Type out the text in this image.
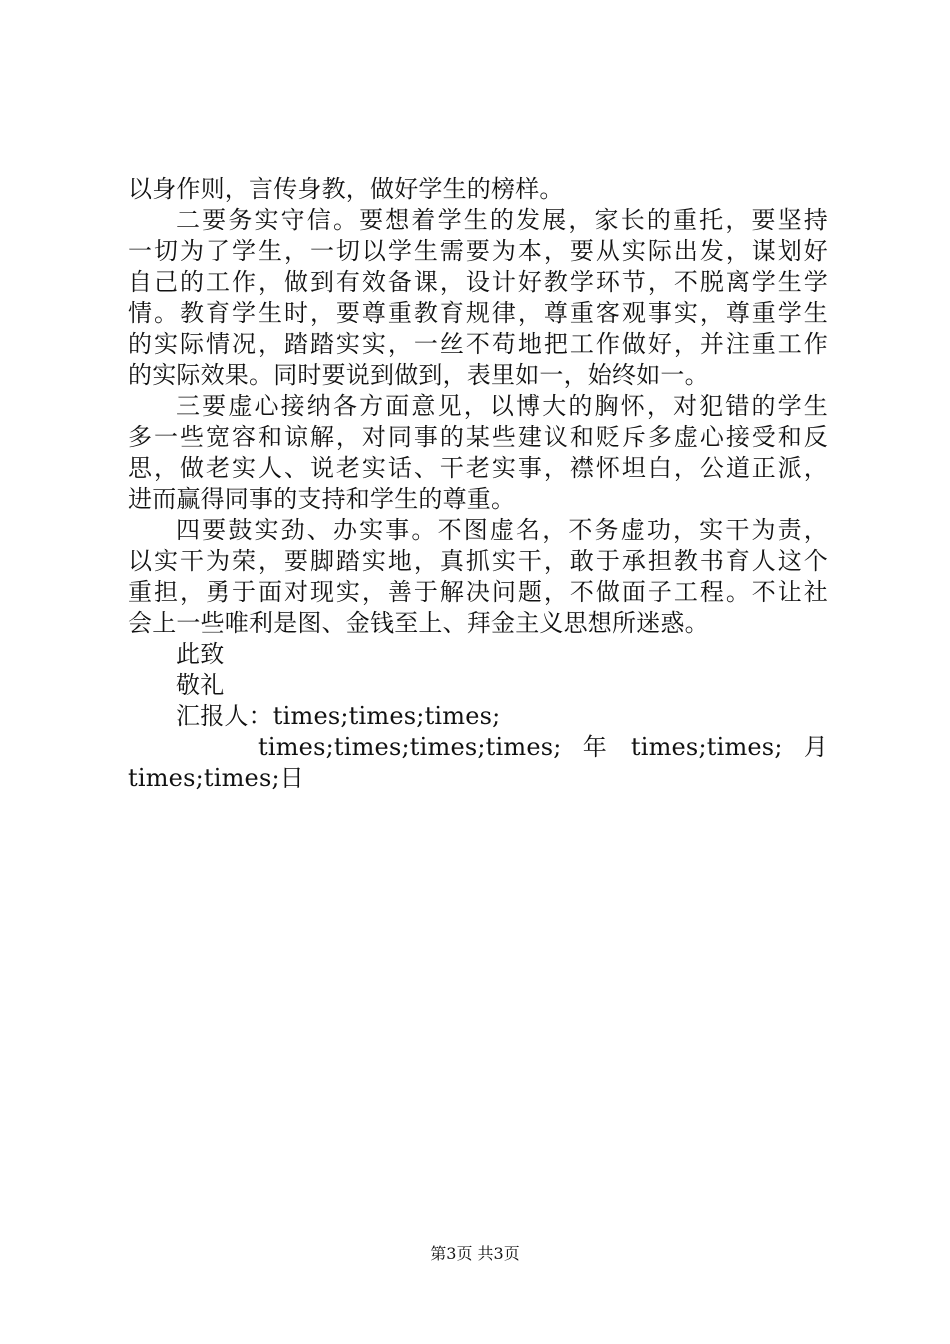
以身作则，言传身教，做好学生的榜样。
二要务实守信。要想着学生的发展，家长的重托，要坚持
一切为了学生，一切以学生需要为本，要从实际出发，谋划好
自己的工作，做到有效备课，设计好教学环节，不脱离学生学
情。教育学生时，要尊重教育规律，尊重客观事实，尊重学生
的实际情况，踏踏实实，一丝不苟地把工作做好，并注重工作
的实际效果。同时要说到做到，表里如一，始终如一。
三要虚心接纳各方面意见，以博大的胸怀，对犯错的学生
多一些宽容和谅解，对同事的某些建议和贬斥多虚心接受和反
思，做老实人、说老实话、干老实事，襟怀坦白，公道正派，
进而赢得同事的支持和学生的尊重。
四要鼓实劲、办实事。不图虚名，不务虚功，实干为责，
以实干为荣，要脚踏实地，真抓实干，敢于承担教书育人这个
重担，勇于面对现实，善于解决问题，不做面子工程。不让社
会上一些唯利是图、金钱至上、拜金主义思想所迷惑。
此致
敬礼
汇报人：times;times;times;
times;times;times;times;  年  times;times;  月
times;times;日
第3页 共3页
